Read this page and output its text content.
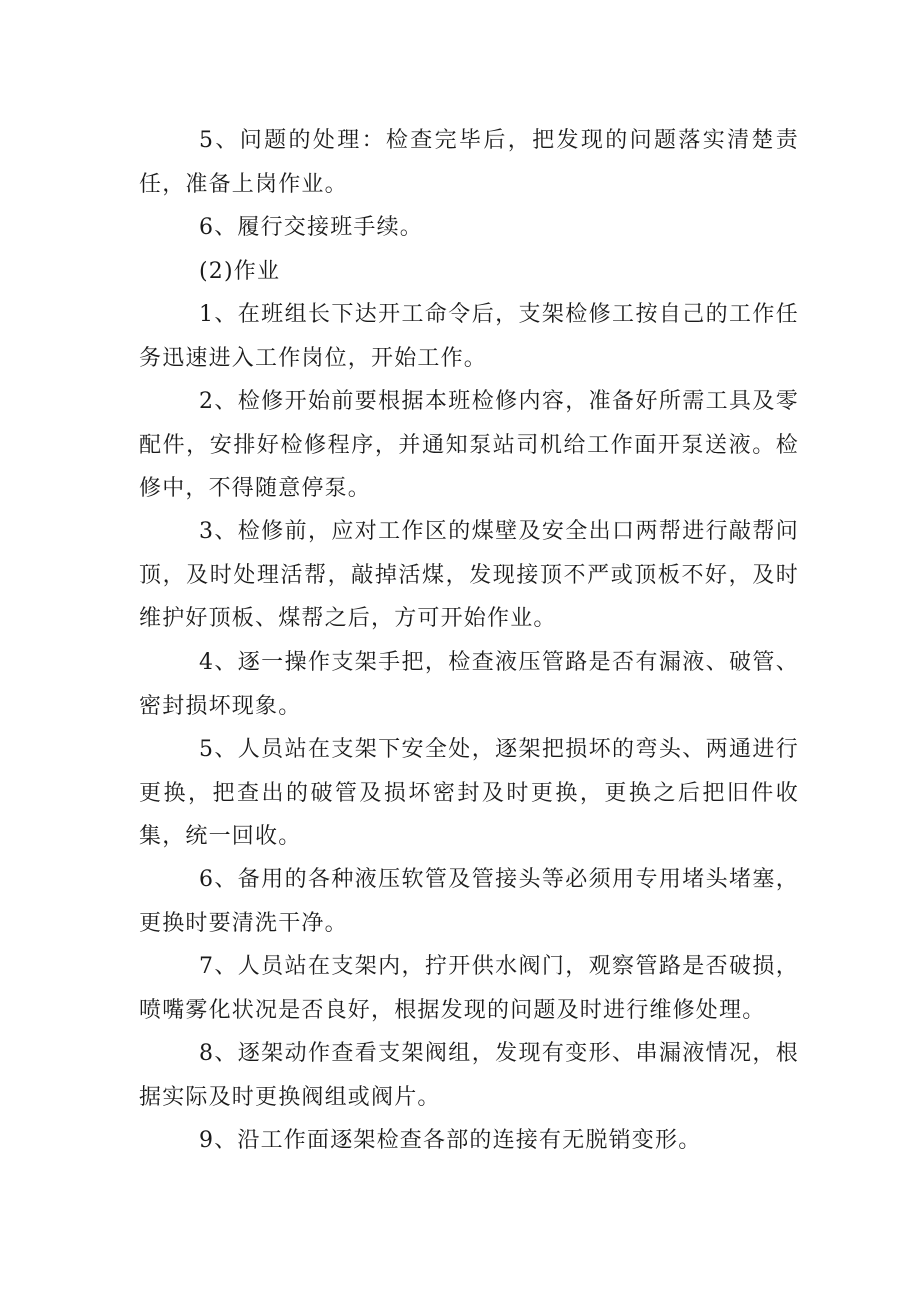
5、问题的处理：检查完毕后，把发现的问题落实清楚责任，准备上岗作业。

6、履行交接班手续。

(2)作业

1、在班组长下达开工命令后，支架检修工按自己的工作任务迅速进入工作岗位，开始工作。

2、检修开始前要根据本班检修内容，准备好所需工具及零配件，安排好检修程序，并通知泵站司机给工作面开泵送液。检修中，不得随意停泵。

3、检修前，应对工作区的煤壁及安全出口两帮进行敲帮问顶，及时处理活帮，敲掉活煤，发现接顶不严或顶板不好，及时维护好顶板、煤帮之后，方可开始作业。

4、逐一操作支架手把，检查液压管路是否有漏液、破管、密封损坏现象。

5、人员站在支架下安全处，逐架把损坏的弯头、两通进行更换，把查出的破管及损坏密封及时更换，更换之后把旧件收集，统一回收。

6、备用的各种液压软管及管接头等必须用专用堵头堵塞，更换时要清洗干净。

7、人员站在支架内，拧开供水阀门，观察管路是否破损，喷嘴雾化状况是否良好，根据发现的问题及时进行维修处理。

8、逐架动作查看支架阀组，发现有变形、串漏液情况，根据实际及时更换阀组或阀片。

9、沿工作面逐架检查各部的连接有无脱销变形。
